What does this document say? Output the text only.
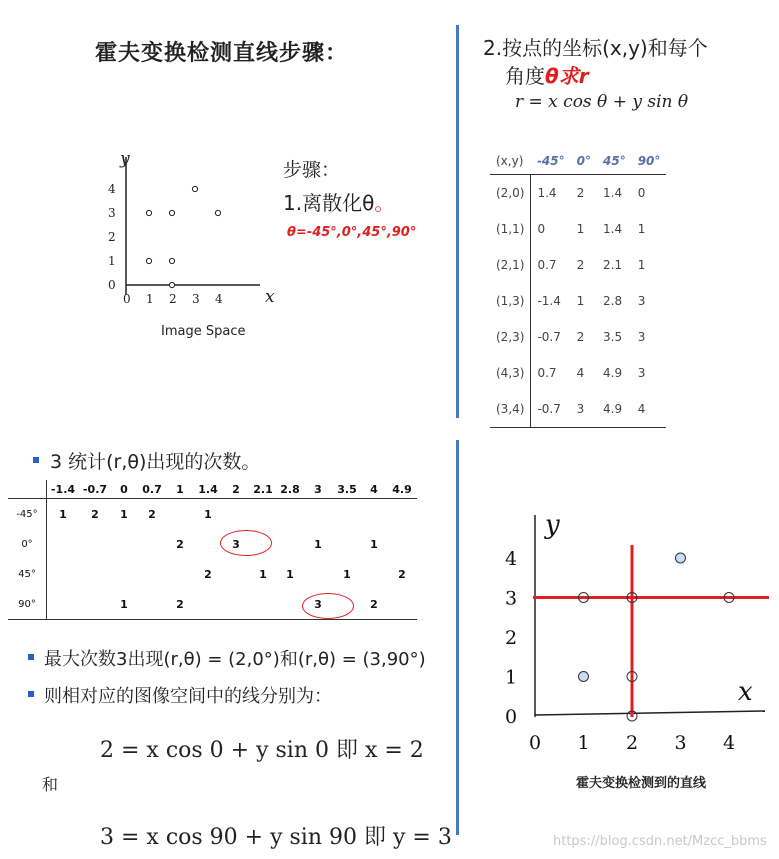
霍夫变换检测直线步骤：
y
x
0 1 2 3 4
4
3
2
1
0
Image Space
步骤：
1.离散化θ。
θ=-45°,0°,45°,90°
2.按点的坐标(x,y)和每个
角度θ求r
r = x cos θ + y sin θ
(x,y)	-45°	0°	45°	90°
(2,0)	1.4	2	1.4	0
(1,1)	0	1	1.4	1
(2,1)	0.7	2	2.1	1
(1,3)	-1.4	1	2.8	3
(2,3)	-0.7	2	3.5	3
(4,3)	0.7	4	4.9	3
(3,4)	-0.7	3	4.9	4
3 统计(r,θ)出现的次数。
	-1.4	-0.7	0	0.7	1	1.4	2	2.1	2.8	3	3.5	4	4.9
-45°	1	2	1	2		1							
0°					2		3			1		1	
45°						2		1	1		1		2
90°			1		2					3		2	
最大次数3出现(r,θ) = (2,0°)和(r,θ) = (3,90°)
则相对应的图像空间中的线分别为：
2 = x cos 0 + y sin 0 即 x = 2
和
3 = x cos 90 + y sin 90 即 y = 3
y
x
0 1 2 3 4
4
3
2
1
0
霍夫变换检测到的直线
https://blog.csdn.net/Mzcc_bbms
